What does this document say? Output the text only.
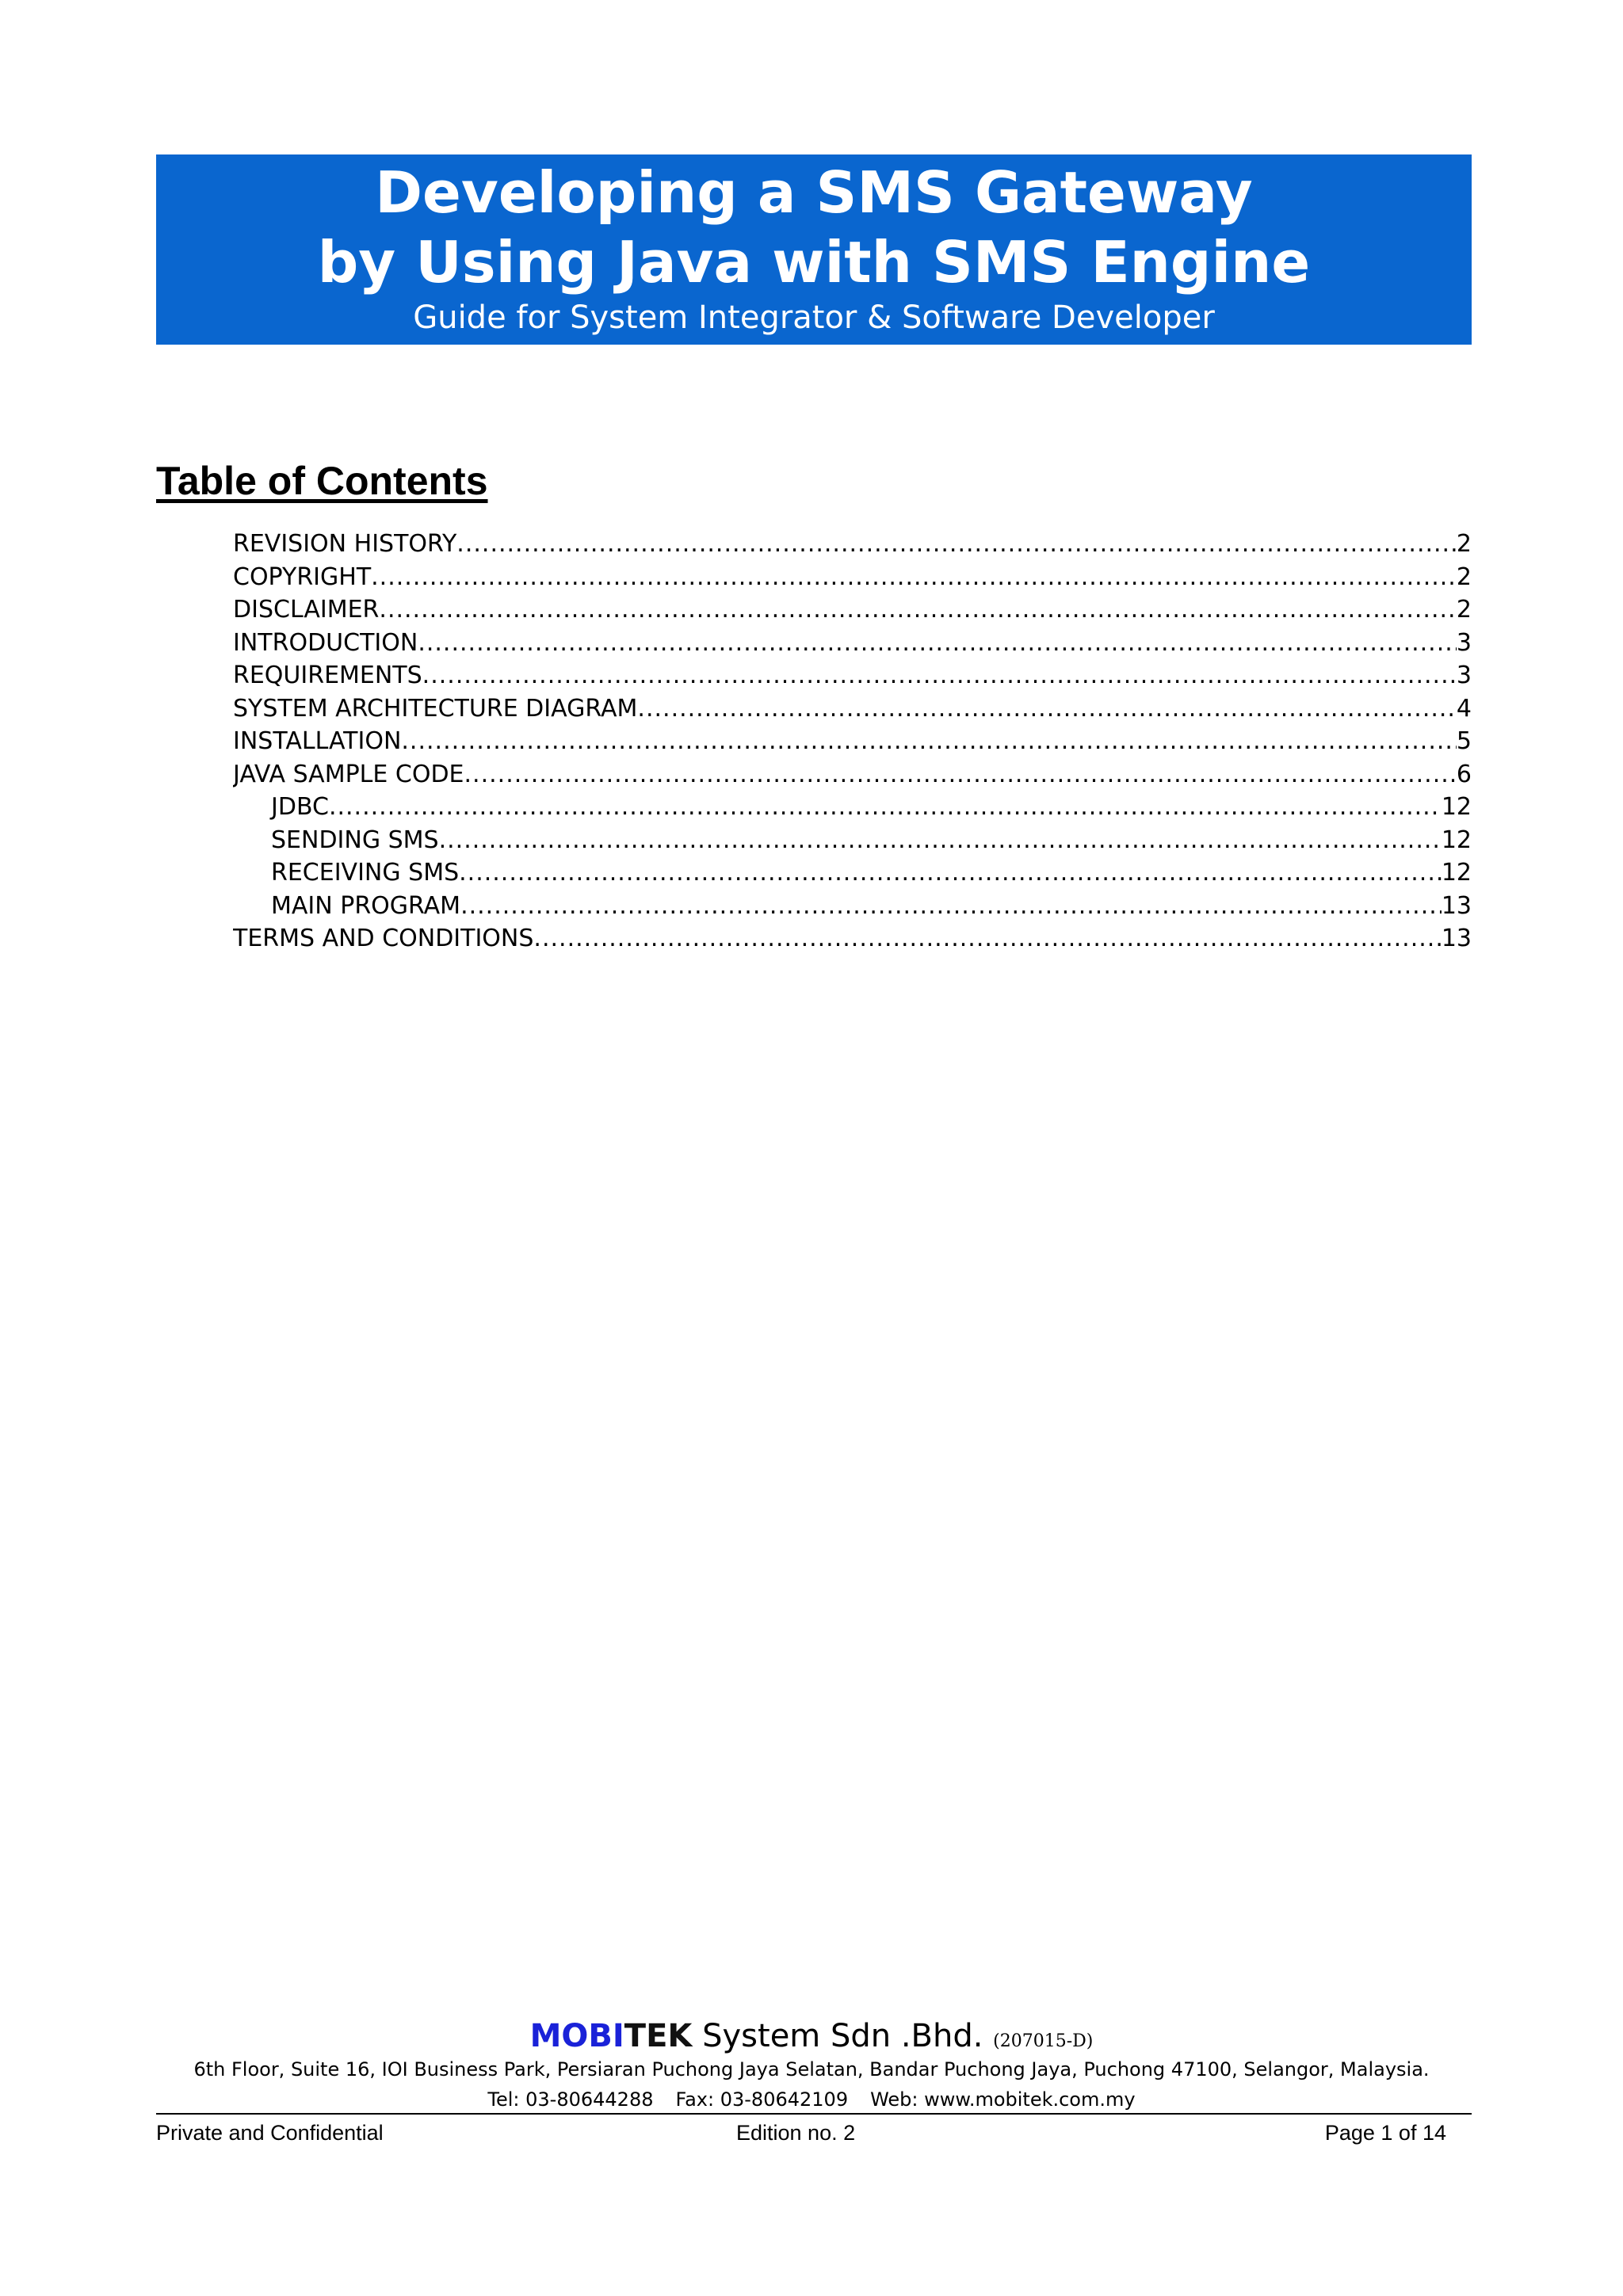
Developing a SMS Gateway

by Using Java with SMS Engine

Guide for System Integrator & Software Developer

Table of Contents
REVISION HISTORY .....	2
COPYRIGHT .....	2
DISCLAIMER .....	2
INTRODUCTION .....	3
REQUIREMENTS .....	3
SYSTEM ARCHITECTURE DIAGRAM .....	4
INSTALLATION .....	5
JAVA SAMPLE CODE .....	6
JDBC .....	12
SENDING SMS .....	12
RECEIVING SMS .....	12
MAIN PROGRAM .....	13
TERMS AND CONDITIONS .....	13
MOBITEK System Sdn .Bhd. (207015-D)
6th Floor, Suite 16, IOI Business Park, Persiaran Puchong Jaya Selatan, Bandar Puchong Jaya, Puchong 47100, Selangor, Malaysia.
Tel: 03-80644288 Fax: 03-80642109 Web: www.mobitek.com.my
Private and Confidential	Edition no. 2	Page 1 of 14
